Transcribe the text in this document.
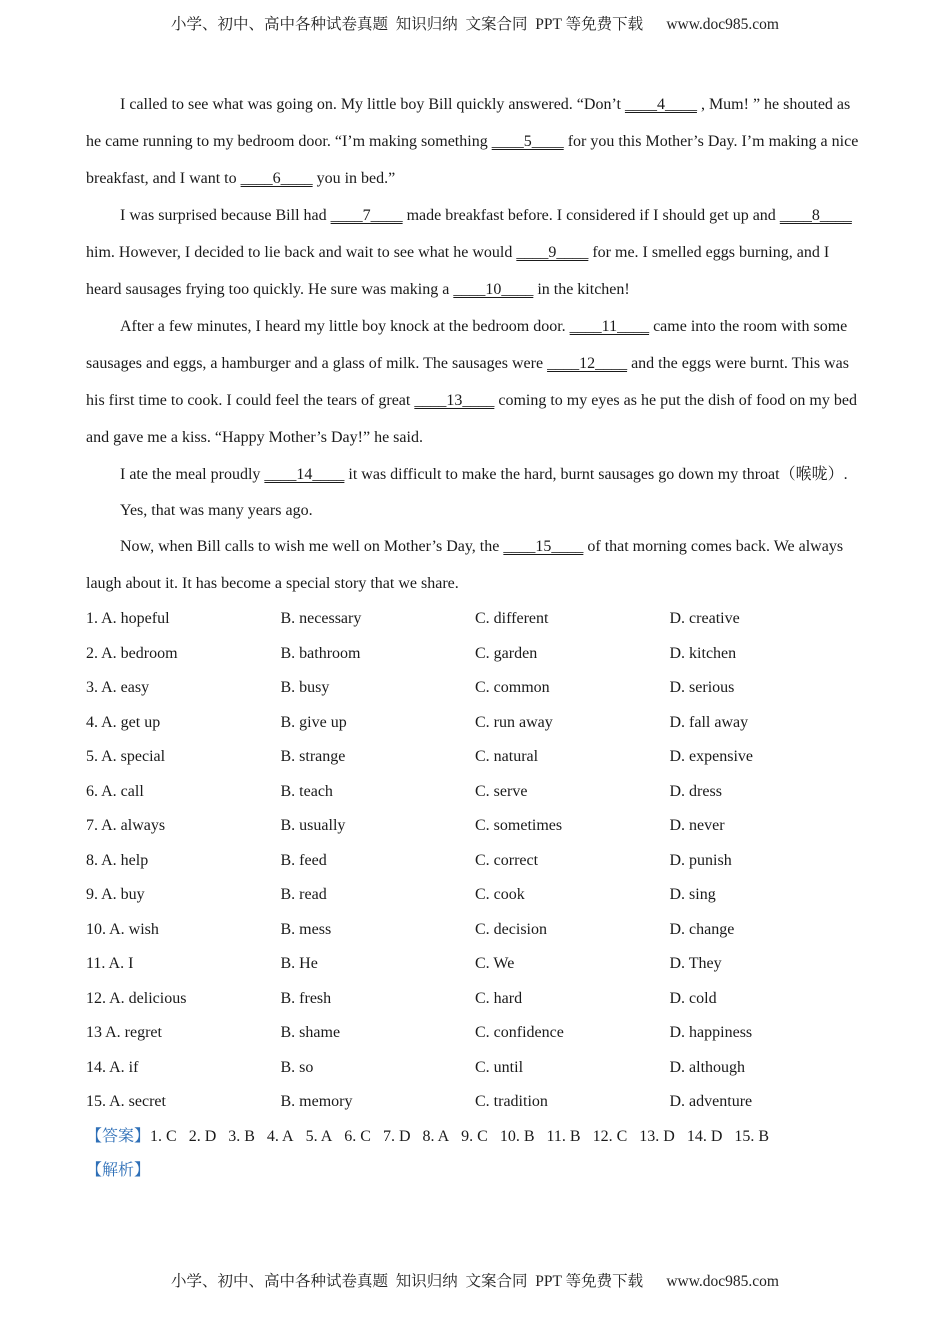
小学、初中、高中各种试卷真题  知识归纳  文案合同  PPT 等免费下载      www.doc985.com

I called to see what was going on. My little boy Bill quickly answered. “Don’t ____4____ , Mum! ” he shouted as he came running to my bedroom door. “I’m making something ____5____ for you this Mother’s Day. I’m making a nice breakfast, and I want to ____6____ you in bed.”

I was surprised because Bill had ____7____ made breakfast before. I considered if I should get up and ____8____ him. However, I decided to lie back and wait to see what he would ____9____ for me. I smelled eggs burning, and I heard sausages frying too quickly. He sure was making a ____10____ in the kitchen!

After a few minutes, I heard my little boy knock at the bedroom door. ____11____ came into the room with some sausages and eggs, a hamburger and a glass of milk. The sausages were ____12____ and the eggs were burnt. This was his first time to cook. I could feel the tears of great ____13____ coming to my eyes as he put the dish of food on my bed and gave me a kiss. “Happy Mother’s Day!” he said.

I ate the meal proudly ____14____ it was difficult to make the hard, burnt sausages go down my throat（喉咙）.

Yes, that was many years ago.

Now, when Bill calls to wish me well on Mother’s Day, the ____15____ of that morning comes back. We always laugh about it. It has become a special story that we share.

1. A. hopeful	B. necessary	C. different	D. creative
2. A. bedroom	B. bathroom	C. garden	D. kitchen
3. A. easy	B. busy	C. common	D. serious
4. A. get up	B. give up	C. run away	D. fall away
5. A. special	B. strange	C. natural	D. expensive
6. A. call	B. teach	C. serve	D. dress
7. A. always	B. usually	C. sometimes	D. never
8. A. help	B. feed	C. correct	D. punish
9. A. buy	B. read	C. cook	D. sing
10. A. wish	B. mess	C. decision	D. change
11. A. I	B. He	C. We	D. They
12. A. delicious	B. fresh	C. hard	D. cold
13 A. regret	B. shame	C. confidence	D. happiness
14. A. if	B. so	C. until	D. although
15. A. secret	B. memory	C. tradition	D. adventure
【答案】1. C 2. D 3. B 4. A 5. A 6. C 7. D 8. A 9. C 10. B 11. B 12. C 13. D 14. D 15. B
【解析】
小学、初中、高中各种试卷真题  知识归纳  文案合同  PPT 等免费下载      www.doc985.com
